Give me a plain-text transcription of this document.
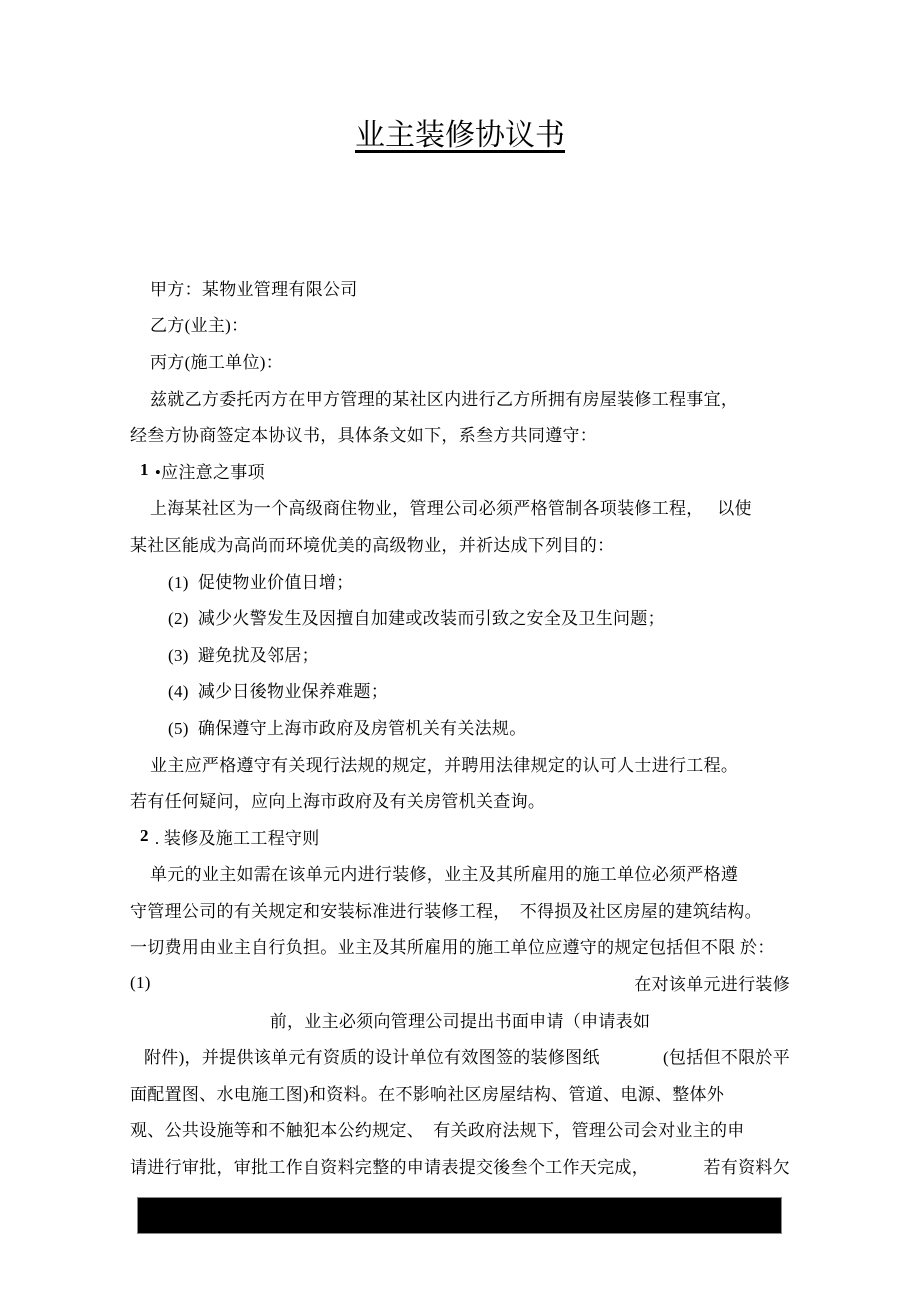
业主装修协议书
甲方：某物业管理有限公司
乙方(业主)：
丙方(施工单位)：
兹就乙方委托丙方在甲方管理的某社区内进行乙方所拥有房屋装修工程事宜，
经叁方协商签定本协议书，具体条文如下，系叁方共同遵守：
1 •应注意之事项
上海某社区为一个高级商住物业，管理公司必须严格管制各项装修工程，   以使
某社区能成为高尚而环境优美的高级物业，并祈达成下列目的：
(1)  促使物业价值日增；
(2)  减少火警发生及因擅自加建或改装而引致之安全及卫生问题；
(3)  避免扰及邻居；
(4)  减少日後物业保养难题；
(5)  确保遵守上海市政府及房管机关有关法规。
业主应严格遵守有关现行法规的规定，并聘用法律规定的认可人士进行工程。
若有任何疑问，应向上海市政府及有关房管机关查询。
2 . 装修及施工工程守则
单元的业主如需在该单元内进行装修，业主及其所雇用的施工单位必须严格遵
守管理公司的有关规定和安装标准进行装修工程，  不得损及社区房屋的建筑结构。
一切费用由业主自行负担。业主及其所雇用的施工单位应遵守的规定包括但不限 於：
(1)	在对该单元进行装修
前，业主必须向管理公司提出书面申请（申请表如
附件)，并提供该单元有资质的设计单位有效图签的装修图纸	(包括但不限於平
面配置图、水电施工图)和资料。在不影响社区房屋结构、管道、电源、整体外
观、公共设施等和不触犯本公约规定、  有关政府法规下，管理公司会对业主的申
请进行审批，审批工作自资料完整的申请表提交後叁个工作天完成，	若有资料欠
